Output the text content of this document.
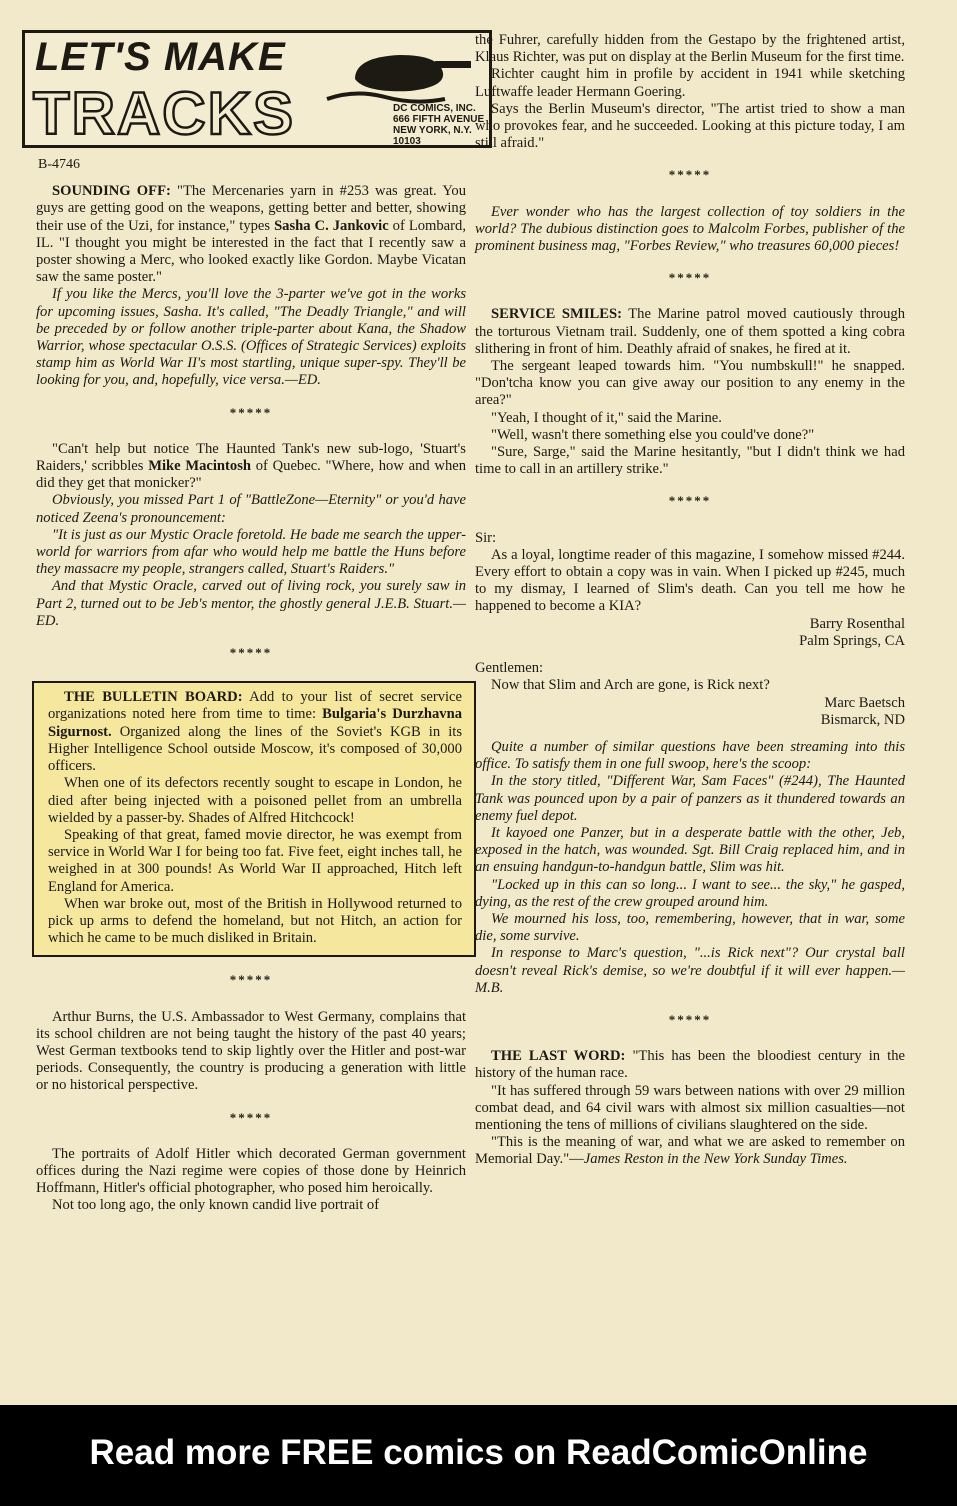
LET'S MAKE
TRACKS	DC COMICS, INC.
666 FIFTH AVENUE
NEW YORK, N.Y. 10103

B-4746

SOUNDING OFF: "The Mercenaries yarn in #253 was great. You guys are getting good on the weapons, getting better and better, showing their use of the Uzi, for instance," types Sasha C. Jankovic of Lombard, IL. "I thought you might be interested in the fact that I recently saw a poster showing a Merc, who looked exactly like Gordon. Maybe Vicatan saw the same poster."

If you like the Mercs, you'll love the 3-parter we've got in the works for upcoming issues, Sasha. It's called, "The Deadly Triangle," and will be preceded by or follow another triple-parter about Kana, the Shadow Warrior, whose spectacular O.S.S. (Offices of Strategic Services) exploits stamp him as World War II's most startling, unique super-spy. They'll be looking for you, and, hopefully, vice versa.—ED.

*****

"Can't help but notice The Haunted Tank's new sub-logo, 'Stuart's Raiders,' scribbles Mike Macintosh of Quebec. "Where, how and when did they get that monicker?"

Obviously, you missed Part 1 of "BattleZone—Eternity" or you'd have noticed Zeena's pronouncement:

"It is just as our Mystic Oracle foretold. He bade me search the upper-world for warriors from afar who would help me battle the Huns before they massacre my people, strangers called, Stuart's Raiders."

And that Mystic Oracle, carved out of living rock, you surely saw in Part 2, turned out to be Jeb's mentor, the ghostly general J.E.B. Stuart.—ED.

*****

THE BULLETIN BOARD: Add to your list of secret service organizations noted here from time to time: Bulgaria's Durzhavna Sigurnost. Organized along the lines of the Soviet's KGB in its Higher Intelligence School outside Moscow, it's composed of 30,000 officers.

When one of its defectors recently sought to escape in London, he died after being injected with a poisoned pellet from an umbrella wielded by a passer-by. Shades of Alfred Hitchcock!

Speaking of that great, famed movie director, he was exempt from service in World War I for being too fat. Five feet, eight inches tall, he weighed in at 300 pounds! As World War II approached, Hitch left England for America.

When war broke out, most of the British in Hollywood returned to pick up arms to defend the homeland, but not Hitch, an action for which he came to be much disliked in Britain.

*****

Arthur Burns, the U.S. Ambassador to West Germany, complains that its school children are not being taught the history of the past 40 years; West German textbooks tend to skip lightly over the Hitler and post-war periods. Consequently, the country is producing a generation with little or no historical perspective.

*****

The portraits of Adolf Hitler which decorated German government offices during the Nazi regime were copies of those done by Heinrich Hoffmann, Hitler's official photographer, who posed him heroically.

Not too long ago, the only known candid live portrait of

the Fuhrer, carefully hidden from the Gestapo by the frightened artist, Klaus Richter, was put on display at the Berlin Museum for the first time.

Richter caught him in profile by accident in 1941 while sketching Luftwaffe leader Hermann Goering.

Says the Berlin Museum's director, "The artist tried to show a man who provokes fear, and he succeeded. Looking at this picture today, I am still afraid."

*****

Ever wonder who has the largest collection of toy soldiers in the world? The dubious distinction goes to Malcolm Forbes, publisher of the prominent business mag, "Forbes Review," who treasures 60,000 pieces!

*****

SERVICE SMILES: The Marine patrol moved cautiously through the torturous Vietnam trail. Suddenly, one of them spotted a king cobra slithering in front of him. Deathly afraid of snakes, he fired at it.

The sergeant leaped towards him. "You numbskull!" he snapped. "Don'tcha know you can give away our position to any enemy in the area?"

"Yeah, I thought of it," said the Marine.

"Well, wasn't there something else you could've done?"

"Sure, Sarge," said the Marine hesitantly, "but I didn't think we had time to call in an artillery strike."

*****

Sir:

As a loyal, longtime reader of this magazine, I somehow missed #244. Every effort to obtain a copy was in vain. When I picked up #245, much to my dismay, I learned of Slim's death. Can you tell me how he happened to become a KIA?

Barry Rosenthal

Palm Springs, CA

Gentlemen:

Now that Slim and Arch are gone, is Rick next?

Marc Baetsch

Bismarck, ND

Quite a number of similar questions have been streaming into this office. To satisfy them in one full swoop, here's the scoop:

In the story titled, "Different War, Sam Faces" (#244), The Haunted Tank was pounced upon by a pair of panzers as it thundered towards an enemy fuel depot.

It kayoed one Panzer, but in a desperate battle with the other, Jeb, exposed in the hatch, was wounded. Sgt. Bill Craig replaced him, and in an ensuing handgun-to-handgun battle, Slim was hit.

"Locked up in this can so long... I want to see... the sky," he gasped, dying, as the rest of the crew grouped around him.

We mourned his loss, too, remembering, however, that in war, some die, some survive.

In response to Marc's question, "...is Rick next"? Our crystal ball doesn't reveal Rick's demise, so we're doubtful if it will ever happen.—M.B.

*****

THE LAST WORD: "This has been the bloodiest century in the history of the human race.

"It has suffered through 59 wars between nations with over 29 million combat dead, and 64 civil wars with almost six million casualties—not mentioning the tens of millions of civilians slaughtered on the side.

"This is the meaning of war, and what we are asked to remember on Memorial Day."—James Reston in the New York Sunday Times.

Read more FREE comics on ReadComicOnline
